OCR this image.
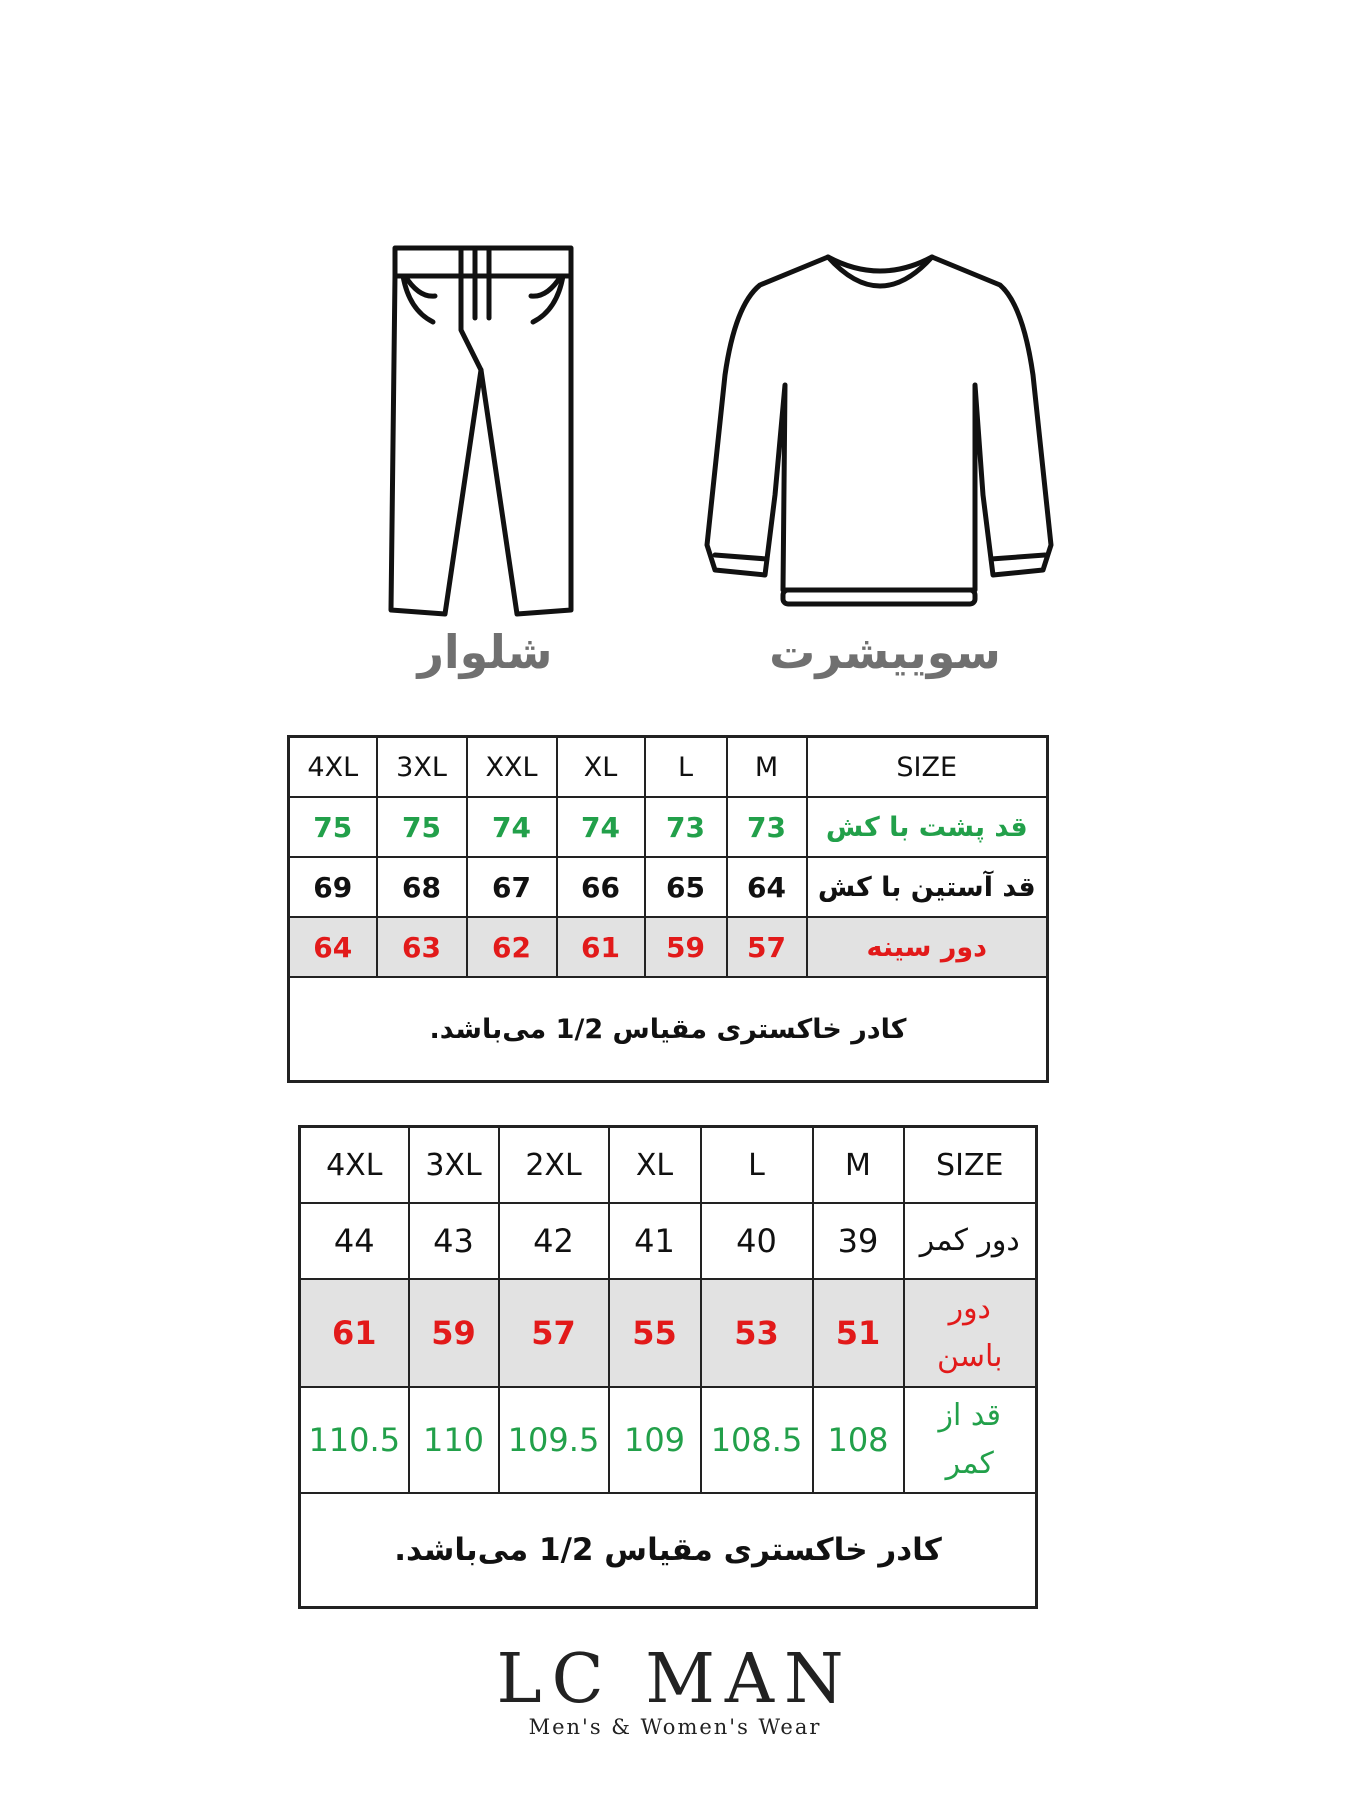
شلوار	سوییشرت
4XL	3XL	XXL	XL	L	M	SIZE
75	75	74	74	73	73	قد پشت با کش
69	68	67	66	65	64	قد آستین با کش
64	63	62	61	59	57	دور سینه
کادر خاکستری مقیاس 1/2 می‌باشد.						
4XL	3XL	2XL	XL	L	M	SIZE
44	43	42	41	40	39	دور کمر
61	59	57	55	53	51	دور
باسن

110.5	110	109.5	109	108.5	108	قد از
کمر

کادر خاکستری مقیاس 1/2 می‌باشد.						
LC MAN
Men's & Women's Wear
